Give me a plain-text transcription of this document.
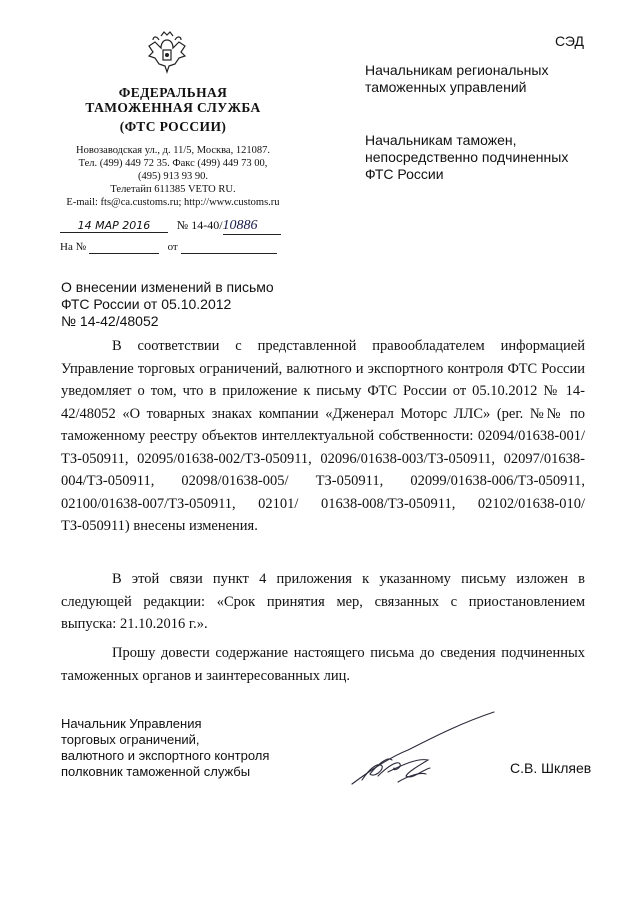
СЭД
ФЕДЕРАЛЬНАЯ
ТАМОЖЕННАЯ СЛУЖБА
(ФТС РОССИИ)
Новозаводская ул., д. 11/5, Москва, 121087.
Тел. (499) 449 72 35. Факс (499) 449 73 00,
(495) 913 93 90.
Телетайп 611385 VETO RU.
E-mail: fts@ca.customs.ru; http://www.customs.ru
14 МАР 2016 № 14-40/10886
На №	от
Начальникам региональных
таможенных управлений
Начальникам таможен,
непосредственно подчиненных
ФТС России
О внесении изменений в письмо
ФТС России от 05.10.2012
№ 14-42/48052

В соответствии с представленной правообладателем информацией Управление торговых ограничений, валютного и экспортного контроля ФТС России уведомляет о том, что в приложение к письму ФТС России от 05.10.2012 № 14-42/48052 «О товарных знаках компании «Дженерал Моторс ЛЛС» (рег. №№ по таможенному реестру объектов интеллектуальной собственности: 02094/01638-001/ТЗ-050911, 02095/01638-002/ТЗ-050911, 02096/01638-003/ТЗ-050911, 02097/01638-004/ТЗ-050911, 02098/01638-005/ ТЗ-050911, 02099/01638-006/ТЗ-050911, 02100/01638-007/ТЗ-050911, 02101/ 01638-008/ТЗ-050911, 02102/01638-010/ТЗ-050911) внесены изменения.

В этой связи пункт 4 приложения к указанному письму изложен в следующей редакции: «Срок принятия мер, связанных с приостановлением выпуска: 21.10.2016 г.».

Прошу довести содержание настоящего письма до сведения подчиненных таможенных органов и заинтересованных лиц.

Начальник Управления
торговых ограничений,
валютного и экспортного контроля
полковник таможенной службы	С.В. Шкляев
